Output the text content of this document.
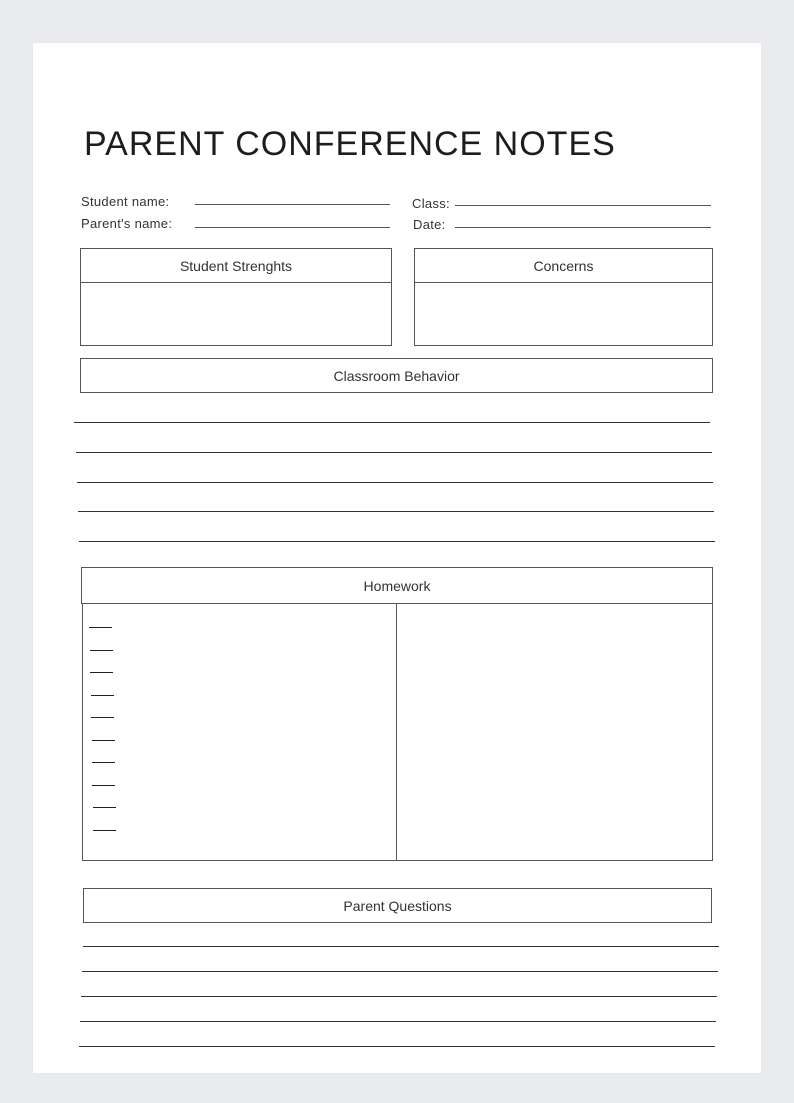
PARENT CONFERENCE NOTES
Student name:
Parent's name:
Class:
Date:
Student Strenghts	Concerns
Classroom Behavior
Homework
Parent Questions
